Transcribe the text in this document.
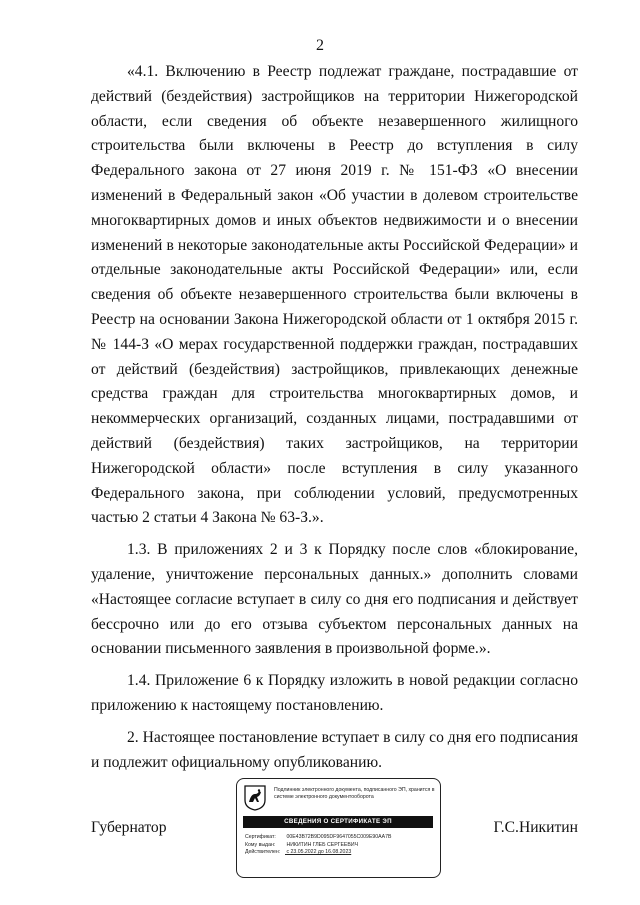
2

«4.1. Включению в Реестр подлежат граждане, пострадавшие от действий (бездействия) застройщиков на территории Нижегородской области, если сведения об объекте незавершенного жилищного строительства были включены в Реестр до вступления в силу Федерального закона от 27 июня 2019 г. № 151-ФЗ «О внесении изменений в Федеральный закон «Об участии в долевом строительстве многоквартирных домов и иных объектов недвижимости и о внесении изменений в некоторые законодательные акты Российской Федерации» и отдельные законодательные акты Российской Федерации» или, если сведения об объекте незавершенного строительства были включены в Реестр на основании Закона Нижегородской области от 1 октября 2015 г. № 144-З «О мерах государственной поддержки граждан, пострадавших от действий (бездействия) застройщиков, привлекающих денежные средства граждан для строительства многоквартирных домов, и некоммерческих организаций, созданных лицами, пострадавшими от действий (бездействия) таких застройщиков, на территории Нижегородской области» после вступления в силу указанного Федерального закона, при соблюдении условий, предусмотренных частью 2 статьи 4 Закона № 63-З.».

1.3. В приложениях 2 и 3 к Порядку после слов «блокирование, удаление, уничтожение персональных данных.» дополнить словами «Настоящее согласие вступает в силу со дня его подписания и действует бессрочно или до его отзыва субъектом персональных данных на основании письменного заявления в произвольной форме.».

1.4. Приложение 6 к Порядку изложить в новой редакции согласно приложению к настоящему постановлению.

2. Настоящее постановление вступает в силу со дня его подписания и подлежит официальному опубликованию.

Губернатор	Г.С.Никитин
Подлинник электронного документа, подписанного ЭП, хранится в системе электронного документооборота
СВЕДЕНИЯ О СЕРТИФИКАТЕ ЭП
Сертификат: 00E43B72B9D095DF9647055C009E90AA7B
Кому выдан: НИКИТИН ГЛЕБ СЕРГЕЕВИЧ
Действителен: с 23.05.2022 до 16.08.2023
